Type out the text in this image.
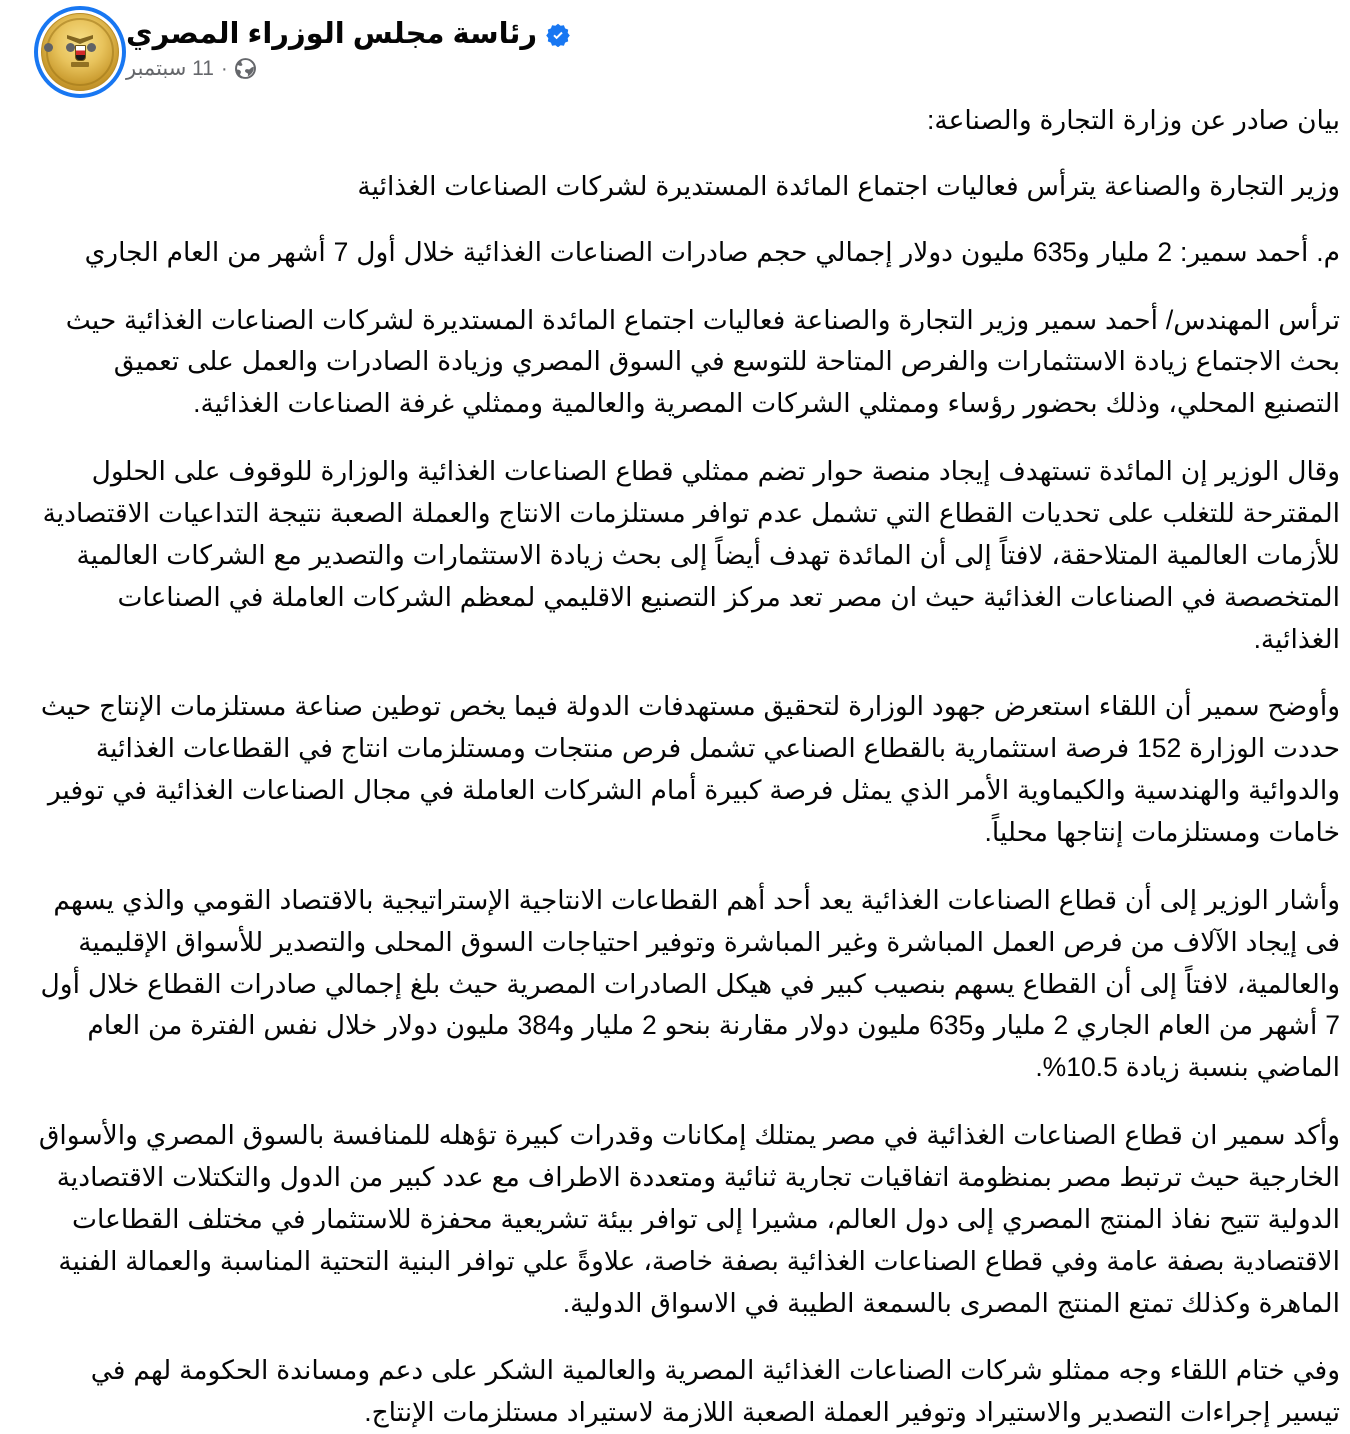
رئاسة مجلس الوزراء المصري
11 سبتمبر ·

بيان صادر عن وزارة التجارة والصناعة:

وزير التجارة والصناعة يترأس فعاليات اجتماع المائدة المستديرة لشركات الصناعات الغذائية

م. أحمد سمير: 2 مليار و635 مليون دولار إجمالي حجم صادرات الصناعات الغذائية خلال أول 7 أشهر من العام الجاري

ترأس المهندس/ أحمد سمير وزير التجارة والصناعة فعاليات اجتماع المائدة المستديرة لشركات الصناعات الغذائية حيث بحث الاجتماع زيادة الاستثمارات والفرص المتاحة للتوسع في السوق المصري وزيادة الصادرات والعمل على تعميق التصنيع المحلي، وذلك بحضور رؤساء وممثلي الشركات المصرية والعالمية وممثلي غرفة الصناعات الغذائية.

وقال الوزير إن المائدة تستهدف إيجاد منصة حوار تضم ممثلي قطاع الصناعات الغذائية والوزارة للوقوف على الحلول المقترحة للتغلب على تحديات القطاع التي تشمل عدم توافر مستلزمات الانتاج والعملة الصعبة نتيجة التداعيات الاقتصادية للأزمات العالمية المتلاحقة، لافتاً إلى أن المائدة تهدف أيضاً إلى بحث زيادة الاستثمارات والتصدير مع الشركات العالمية المتخصصة في الصناعات الغذائية حيث ان مصر تعد مركز التصنيع الاقليمي لمعظم الشركات العاملة في الصناعات الغذائية.

وأوضح سمير أن اللقاء استعرض جهود الوزارة لتحقيق مستهدفات الدولة فيما يخص توطين صناعة مستلزمات الإنتاج حيث حددت الوزارة 152 فرصة استثمارية بالقطاع الصناعي تشمل فرص منتجات ومستلزمات انتاج في القطاعات الغذائية والدوائية والهندسية والكيماوية الأمر الذي يمثل فرصة كبيرة أمام الشركات العاملة في مجال الصناعات الغذائية في توفير خامات ومستلزمات إنتاجها محلياً.

وأشار الوزير إلى أن قطاع الصناعات الغذائية يعد أحد أهم القطاعات الانتاجية الإستراتيجية بالاقتصاد القومي والذي يسهم فى إيجاد الآلاف من فرص العمل المباشرة وغير المباشرة وتوفير احتياجات السوق المحلى والتصدير للأسواق الإقليمية والعالمية، لافتاً إلى أن القطاع يسهم بنصيب كبير في هيكل الصادرات المصرية حيث بلغ إجمالي صادرات القطاع خلال أول 7 أشهر من العام الجاري 2 مليار و635 مليون دولار مقارنة بنحو 2 مليار و384 مليون دولار خلال نفس الفترة من العام الماضي بنسبة زيادة 10.5%.

وأكد سمير ان قطاع الصناعات الغذائية في مصر يمتلك إمكانات وقدرات كبيرة تؤهله للمنافسة بالسوق المصري والأسواق الخارجية حيث ترتبط مصر بمنظومة اتفاقيات تجارية ثنائية ومتعددة الاطراف مع عدد كبير من الدول والتكتلات الاقتصادية الدولية تتيح نفاذ المنتج المصري إلى دول العالم، مشيرا إلى توافر بيئة تشريعية محفزة للاستثمار في مختلف القطاعات الاقتصادية بصفة عامة وفي قطاع الصناعات الغذائية بصفة خاصة، علاوةً علي توافر البنية التحتية المناسبة والعمالة الفنية الماهرة وكذلك تمتع المنتج المصرى بالسمعة الطيبة في الاسواق الدولية.

وفي ختام اللقاء وجه ممثلو شركات الصناعات الغذائية المصرية والعالمية الشكر على دعم ومساندة الحكومة لهم في تيسير إجراءات التصدير والاستيراد وتوفير العملة الصعبة اللازمة لاستيراد مستلزمات الإنتاج.
